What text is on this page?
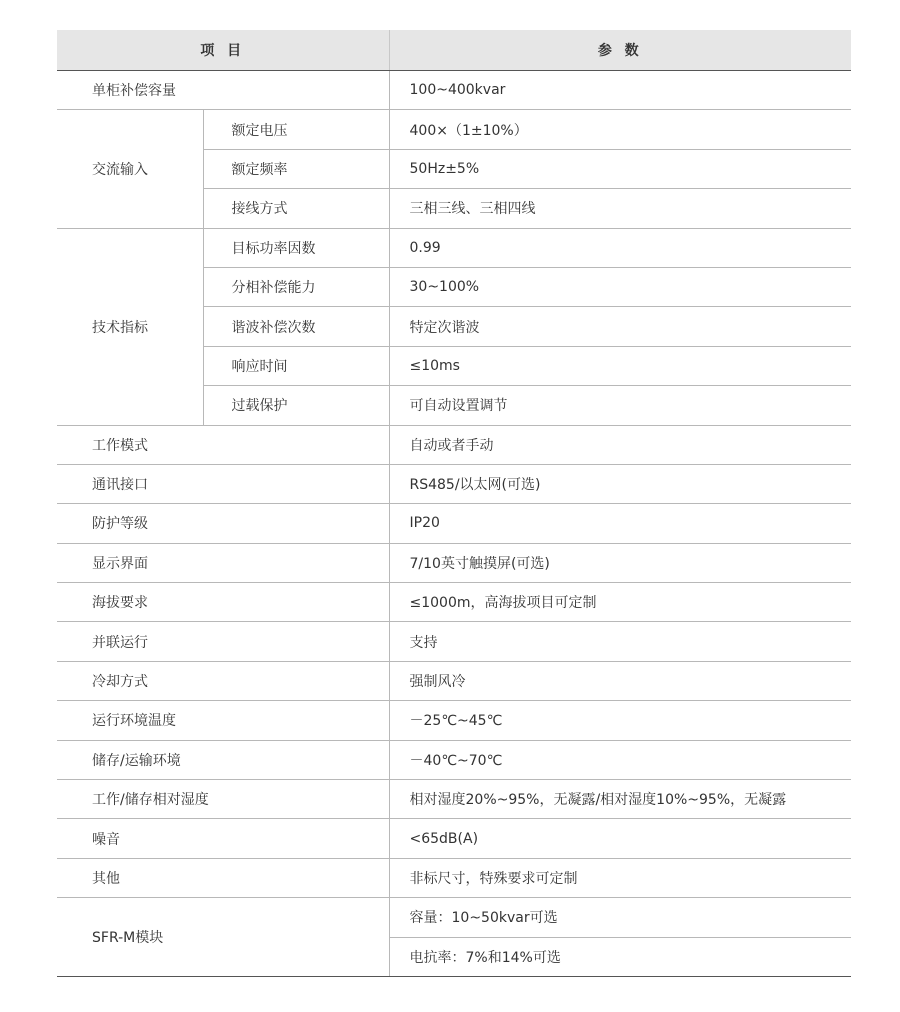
项 目		参 数
单柜补偿容量		100~400kvar
交流输入	额定电压	400×（1±10%）
	额定频率	50Hz±5%
	接线方式	三相三线、三相四线
技术指标	目标功率因数	0.99
	分相补偿能力	30~100%
	谐波补偿次数	特定次谐波
	响应时间	≤10ms
	过载保护	可自动设置调节
工作模式		自动或者手动
通讯接口		RS485/以太网(可选)
防护等级		IP20
显示界面		7/10英寸触摸屏(可选)
海拔要求		≤1000m，高海拔项目可定制
并联运行		支持
冷却方式		强制风冷
运行环境温度		－25℃~45℃
储存/运输环境		－40℃~70℃
工作/储存相对湿度		相对湿度20%~95%，无凝露/相对湿度10%~95%，无凝露
噪音		<65dB(A)
其他		非标尺寸，特殊要求可定制
SFR-M模块		容量：10~50kvar可选
		电抗率：7%和14%可选
